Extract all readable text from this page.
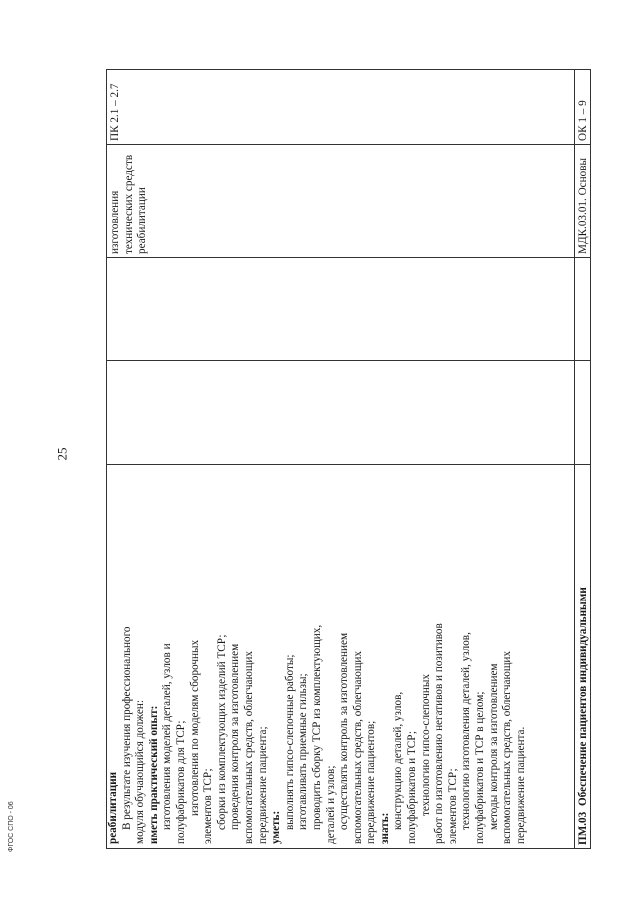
25
реабилитации В результате изучения профессионального модуля обучающийся должен: иметь практический опыт: изготовления моделей деталей, узлов и полуфабрикатов для ТСР; изготовления по моделям сборочных элементов ТСР; сборки из комплектующих изделий ТСР; проведения контроля за изготовлением вспомогательных средств, облегчающих передвижение пациента; уметь: выполнять гипсо-слепочные работы; изготавливать приемные гильзы; проводить сборку ТСР из комплектующих, деталей и узлов; осуществлять контроль за изготовлением вспомогательных средств, облегчающих передвижение пациентов; знать: конструкцию деталей, узлов, полуфабрикатов и ТСР; технологию гипсо-слепочных работ по изготовлению негативов и позитивов элементов ТСР; технологию изготовления деталей, узлов, полуфабрикатов и ТСР в целом; методы контроля за изготовлением вспомогательных средств, облегчающих передвижение пациента.
изготовления технических средств реабилитации
ПК 2.1 – 2.7
ПМ.03
Обеспечение пациентов индивидуальными
МДК.03.01. Основы
ОК 1 – 9
ФГОС СПО - 06
